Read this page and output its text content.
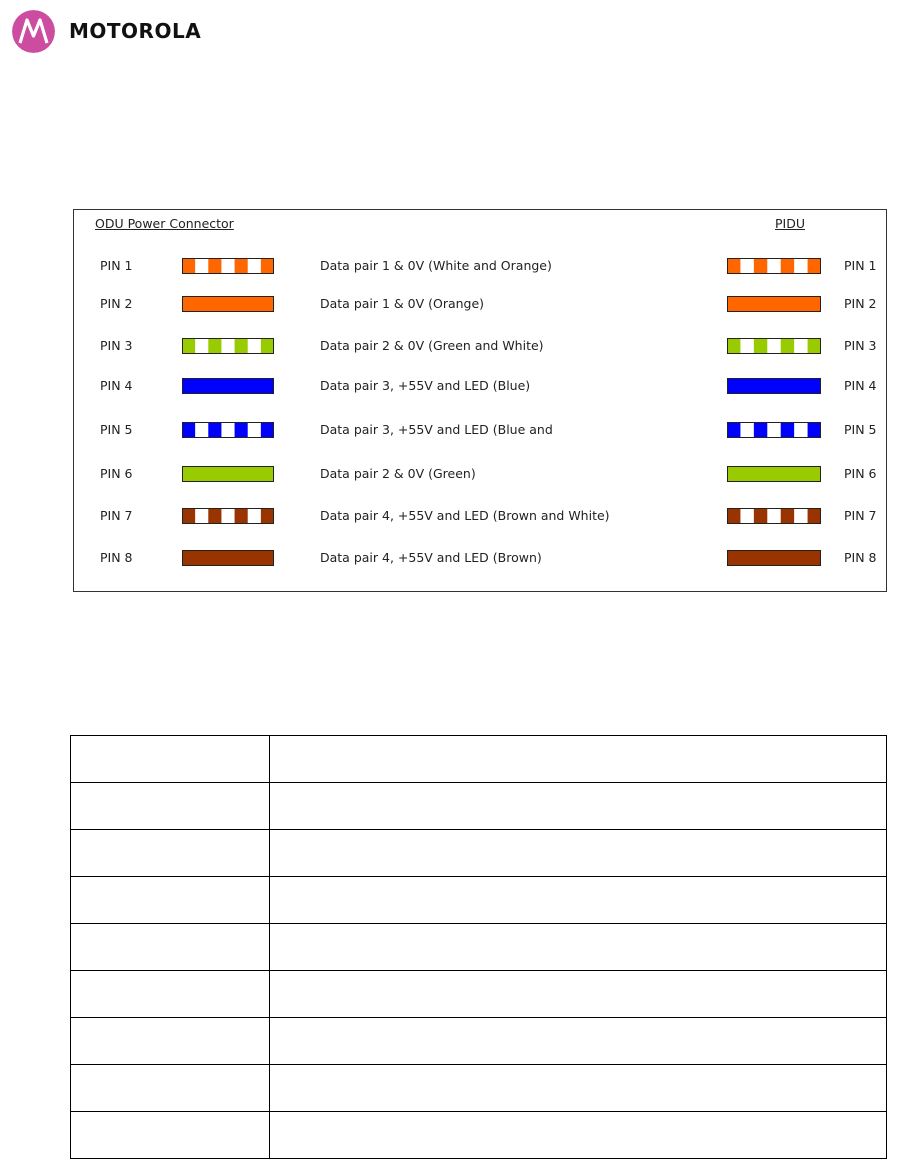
MOTOROLA
ODU Power Connector	PIDU
PIN 1	Data pair 1 & 0V (White and Orange)	PIN 1
PIN 2	Data pair 1 & 0V (Orange)	PIN 2
PIN 3	Data pair 2 & 0V (Green and White)	PIN 3
PIN 4	Data pair 3, +55V and LED (Blue)	PIN 4
PIN 5	Data pair 3, +55V and LED (Blue and	PIN 5
PIN 6	Data pair 2 & 0V (Green)	PIN 6
PIN 7	Data pair 4, +55V and LED (Brown and White)	PIN 7
PIN 8	Data pair 4, +55V and LED (Brown)	PIN 8
